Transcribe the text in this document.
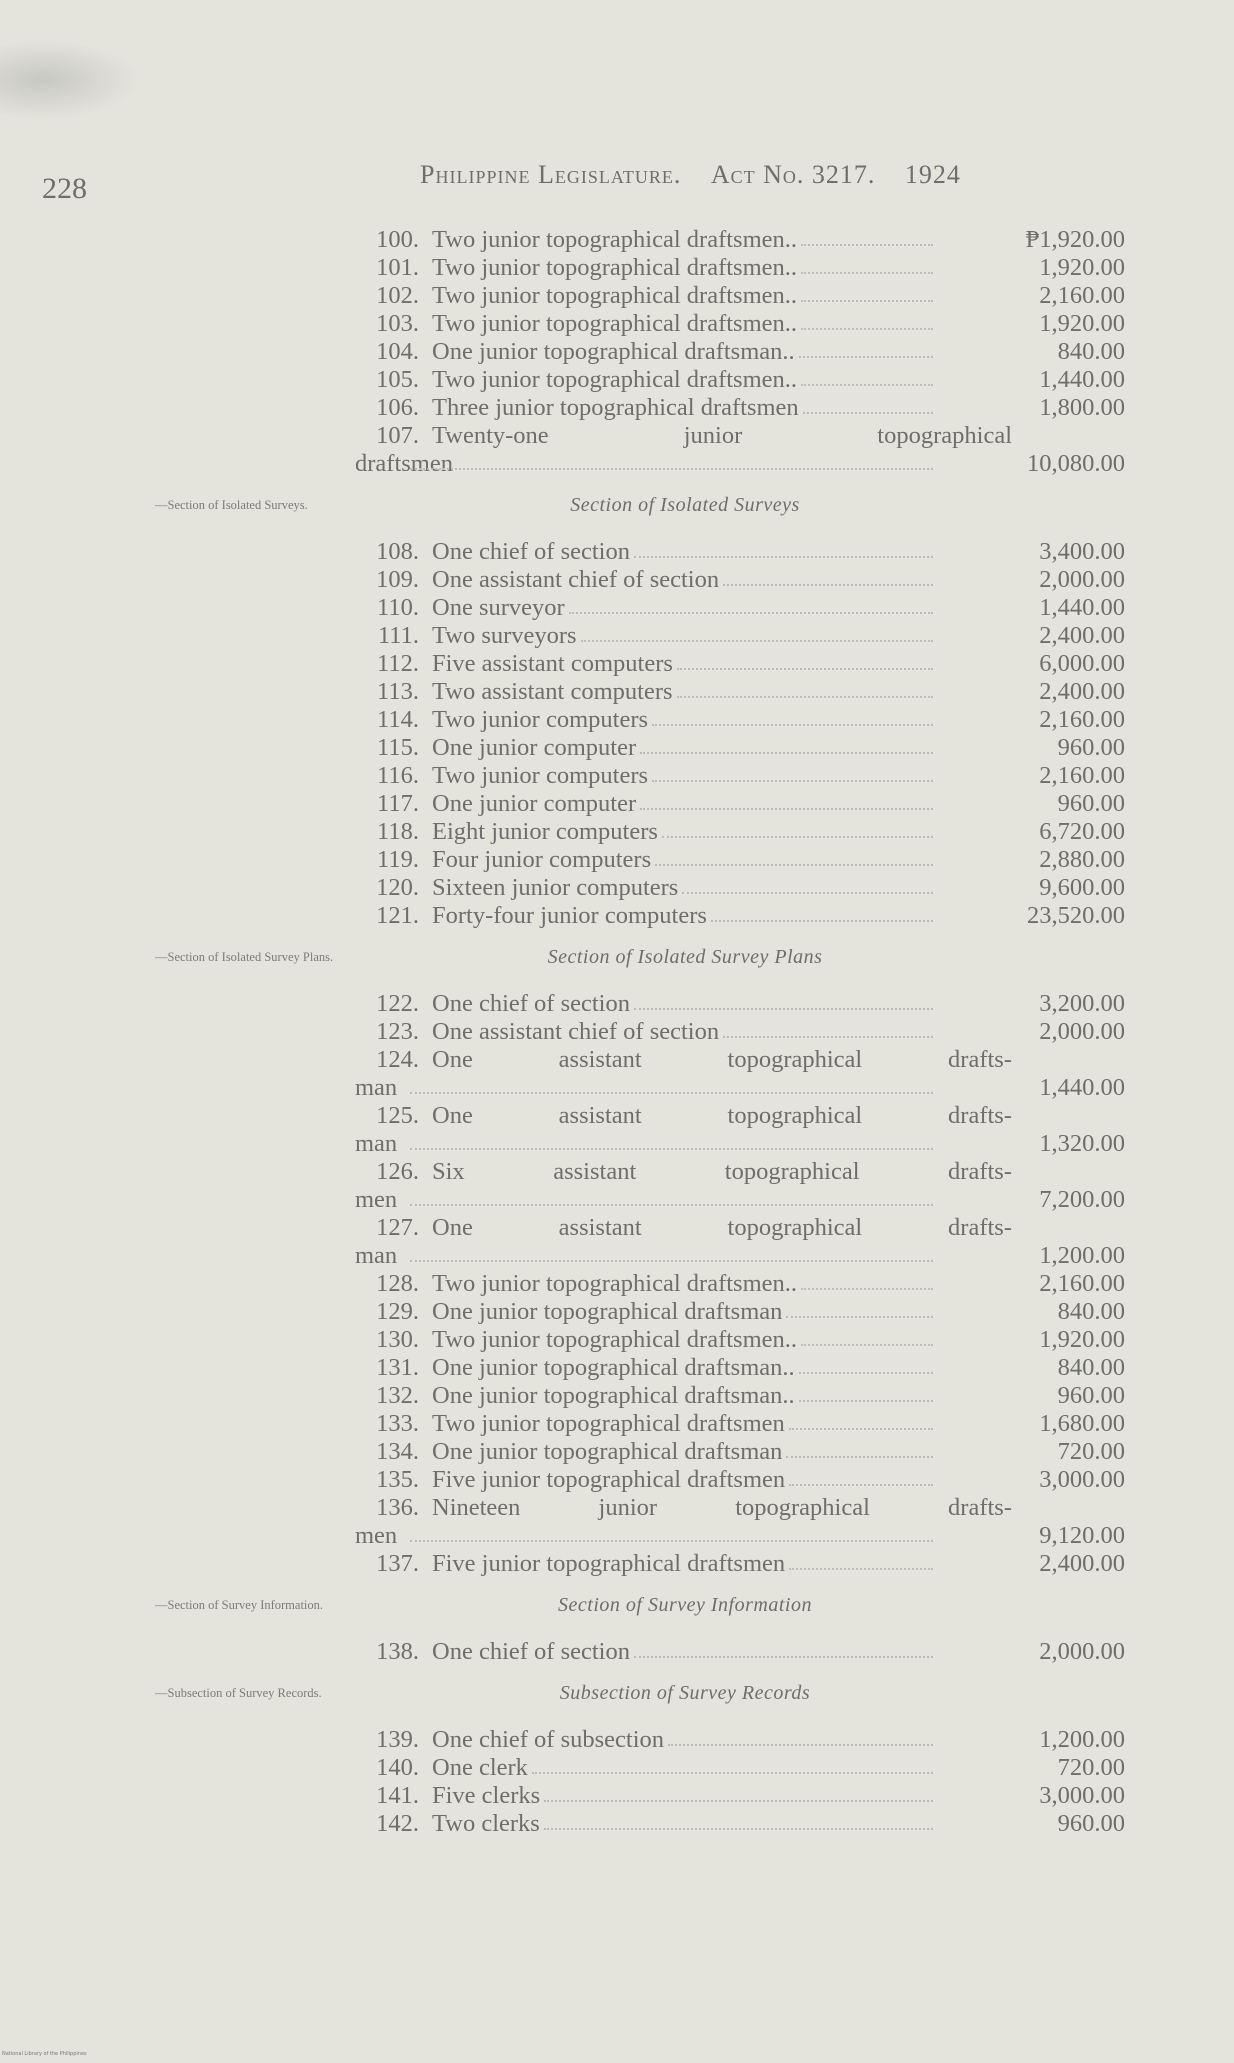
228	Philippine Legislature. Act No. 3217. 1924
100. Two junior topographical draftsmen..	₱1,920.00
101. Two junior topographical draftsmen..	1,920.00
102. Two junior topographical draftsmen..	2,160.00
103. Two junior topographical draftsmen..	1,920.00
104. One junior topographical draftsman..	840.00
105. Two junior topographical draftsmen..	1,440.00
106. Three junior topographical draftsmen	1,800.00
107. Twenty-one junior topographical
draftsmen	10,080.00
—Section of Isolated Surveys.	Section of Isolated Surveys
108. One chief of section	3,400.00
109. One assistant chief of section	2,000.00
110. One surveyor	1,440.00
111. Two surveyors	2,400.00
112. Five assistant computers	6,000.00
113. Two assistant computers	2,400.00
114. Two junior computers	2,160.00
115. One junior computer	960.00
116. Two junior computers	2,160.00
117. One junior computer	960.00
118. Eight junior computers	6,720.00
119. Four junior computers	2,880.00
120. Sixteen junior computers	9,600.00
121. Forty-four junior computers	23,520.00
—Section of Isolated Survey Plans.	Section of Isolated Survey Plans
122. One chief of section	3,200.00
123. One assistant chief of section	2,000.00
124. One assistant topographical drafts-
man	1,440.00
125. One assistant topographical drafts-
man	1,320.00
126. Six assistant topographical drafts-
men	7,200.00
127. One assistant topographical drafts-
man	1,200.00
128. Two junior topographical draftsmen..	2,160.00
129. One junior topographical draftsman	840.00
130. Two junior topographical draftsmen..	1,920.00
131. One junior topographical draftsman..	840.00
132. One junior topographical draftsman..	960.00
133. Two junior topographical draftsmen	1,680.00
134. One junior topographical draftsman	720.00
135. Five junior topographical draftsmen	3,000.00
136. Nineteen junior topographical drafts-
men	9,120.00
137. Five junior topographical draftsmen	2,400.00
—Section of Survey Information.	Section of Survey Information
138. One chief of section	2,000.00
—Subsection of Survey Records.	Subsection of Survey Records
139. One chief of subsection	1,200.00
140. One clerk	720.00
141. Five clerks	3,000.00
142. Two clerks	960.00
National Library of the Philippines
